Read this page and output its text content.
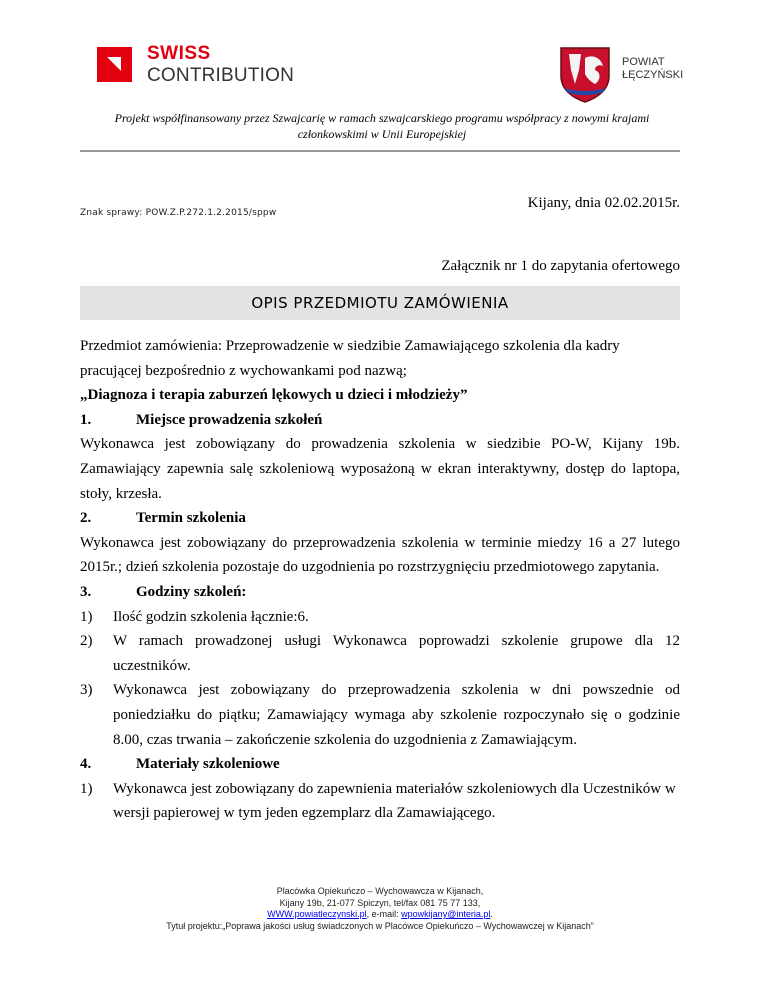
SWISS
CONTRIBUTION
POWIAT
ŁĘCZYŃSKI
Projekt współfinansowany przez Szwajcarię w ramach szwajcarskiego programu współpracy z nowymi krajami członkowskimi w Unii Europejskiej
Kijany, dnia 02.02.2015r.
Znak sprawy: POW.Z.P.272.1.2.2015/sppw
Załącznik nr 1 do zapytania ofertowego
OPIS PRZEDMIOTU ZAMÓWIENIA

Przedmiot zamówienia: Przeprowadzenie w siedzibie Zamawiającego szkolenia dla kadry

pracującej bezpośrednio z wychowankami pod nazwą;

„Diagnoza i terapia zaburzeń lękowych u dzieci i młodzieży”

1.	Miejsce prowadzenia szkołeń

Wykonawca jest zobowiązany do prowadzenia szkolenia w siedzibie PO-W, Kijany 19b. Zamawiający zapewnia salę szkoleniową wyposażoną w ekran interaktywny, dostęp do laptopa, stoły, krzesła.

2.	Termin szkolenia

Wykonawca jest zobowiązany do przeprowadzenia szkolenia w terminie miedzy 16 a 27 lutego 2015r.; dzień szkolenia pozostaje do uzgodnienia po rozstrzygnięciu przedmiotowego zapytania.

3.	Godziny szkoleń:
1)	Ilość godzin szkolenia łącznie:6.
2)	W ramach prowadzonej usługi Wykonawca poprowadzi szkolenie grupowe dla 12 uczestników.
3)	Wykonawca jest zobowiązany do przeprowadzenia szkolenia w dni powszednie od poniedziałku do piątku; Zamawiający wymaga aby szkolenie rozpoczynało się o godzinie 8.00, czas trwania – zakończenie szkolenia do uzgodnienia z Zamawiającym.
4.	Materiały szkoleniowe
1)	Wykonawca jest zobowiązany do zapewnienia materiałów szkoleniowych dla Uczestników w wersji papierowej w tym jeden egzemplarz dla Zamawiającego.
Placówka Opiekuńczo – Wychowawcza w Kijanach,
Kijany 19b, 21-077 Spiczyn, tel/fax 081 75 77 133,
WWW.powiatleczynski.pl, e-mail: wpowkijany@interia.pl.
Tytuł projektu:„Poprawa jakości usług świadczonych w Placówce Opiekuńczo – Wychowawczej w Kijanach”
